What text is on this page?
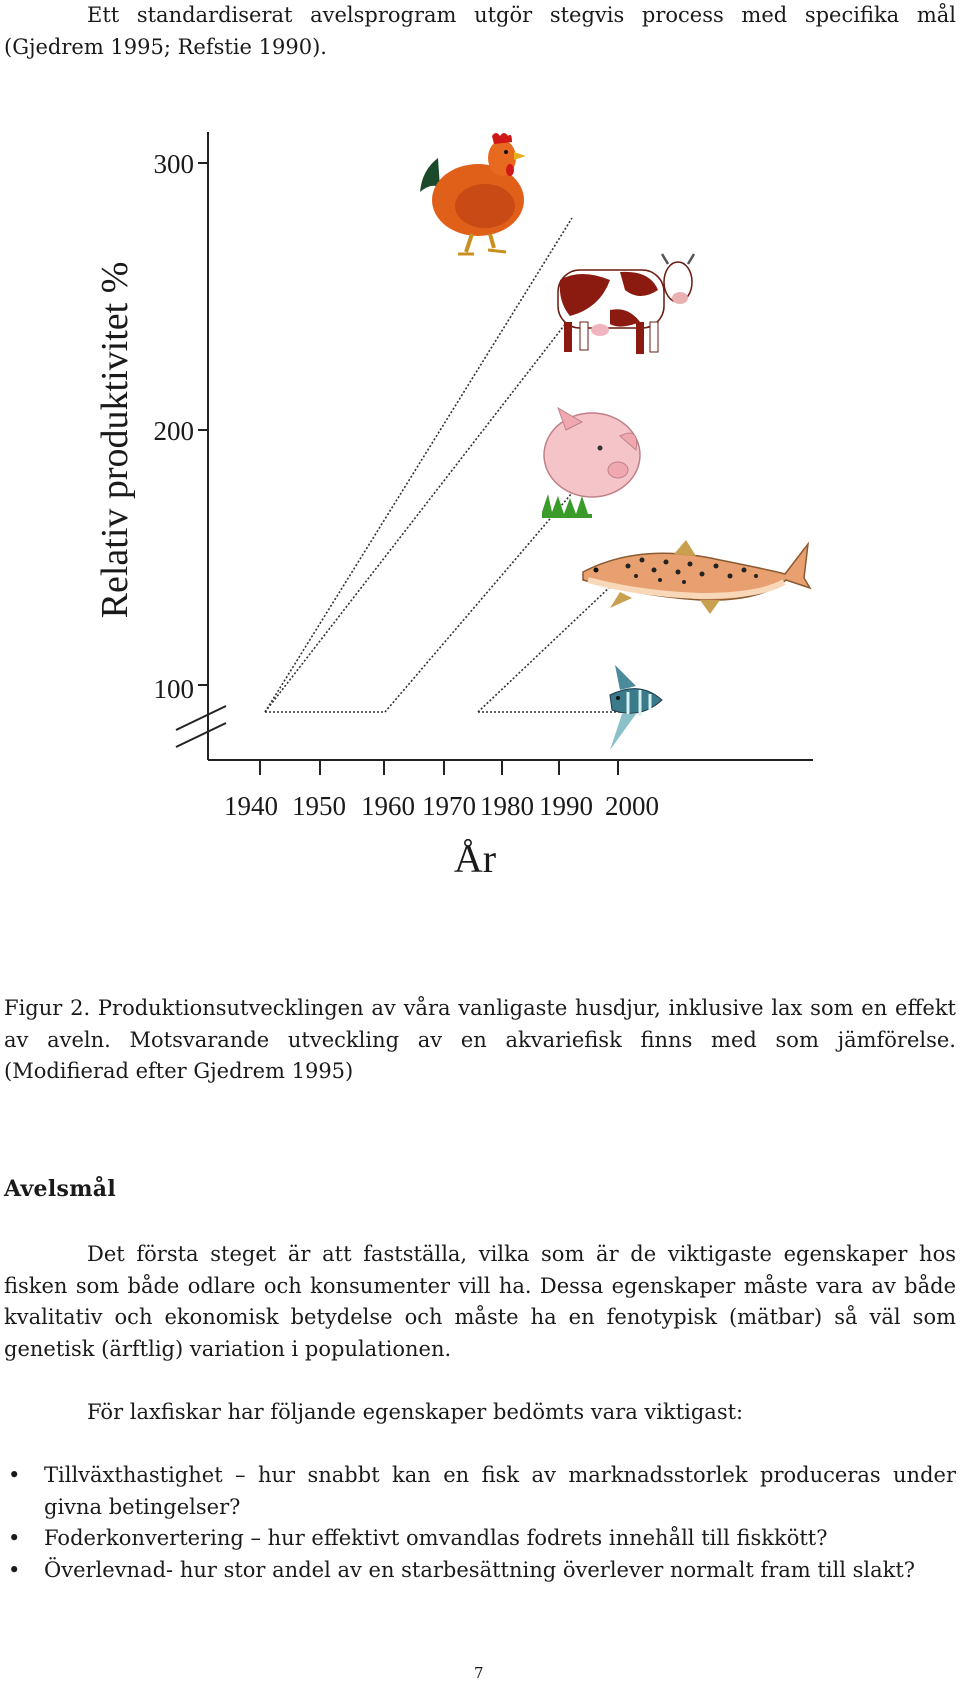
Ett standardiserat avelsprogram utgör stegvis process med specifika mål (Gjedrem 1995; Refstie 1990).

300
200
100
Relativ produktivitet %
1940 1950 1960 1970 1980 1990 2000
År

Figur 2. Produktionsutvecklingen av våra vanligaste husdjur, inklusive lax som en effekt av aveln. Motsvarande utveckling av en akvariefisk finns med som jämförelse. (Modifierad efter Gjedrem 1995)

Avelsmål

Det första steget är att fastställa, vilka som är de viktigaste egenskaper hos fisken som både odlare och konsumenter vill ha. Dessa egenskaper måste vara av både kvalitativ och ekonomisk betydelse och måste ha en fenotypisk (mätbar) så väl som genetisk (ärftlig) variation i populationen.

För laxfiskar har följande egenskaper bedömts vara viktigast:

• Tillväxthastighet – hur snabbt kan en fisk av marknadsstorlek produceras under givna betingelser?
• Foderkonvertering – hur effektivt omvandlas fodrets innehåll till fiskkött?
• Överlevnad- hur stor andel av en starbesättning överlever normalt fram till slakt?
7
